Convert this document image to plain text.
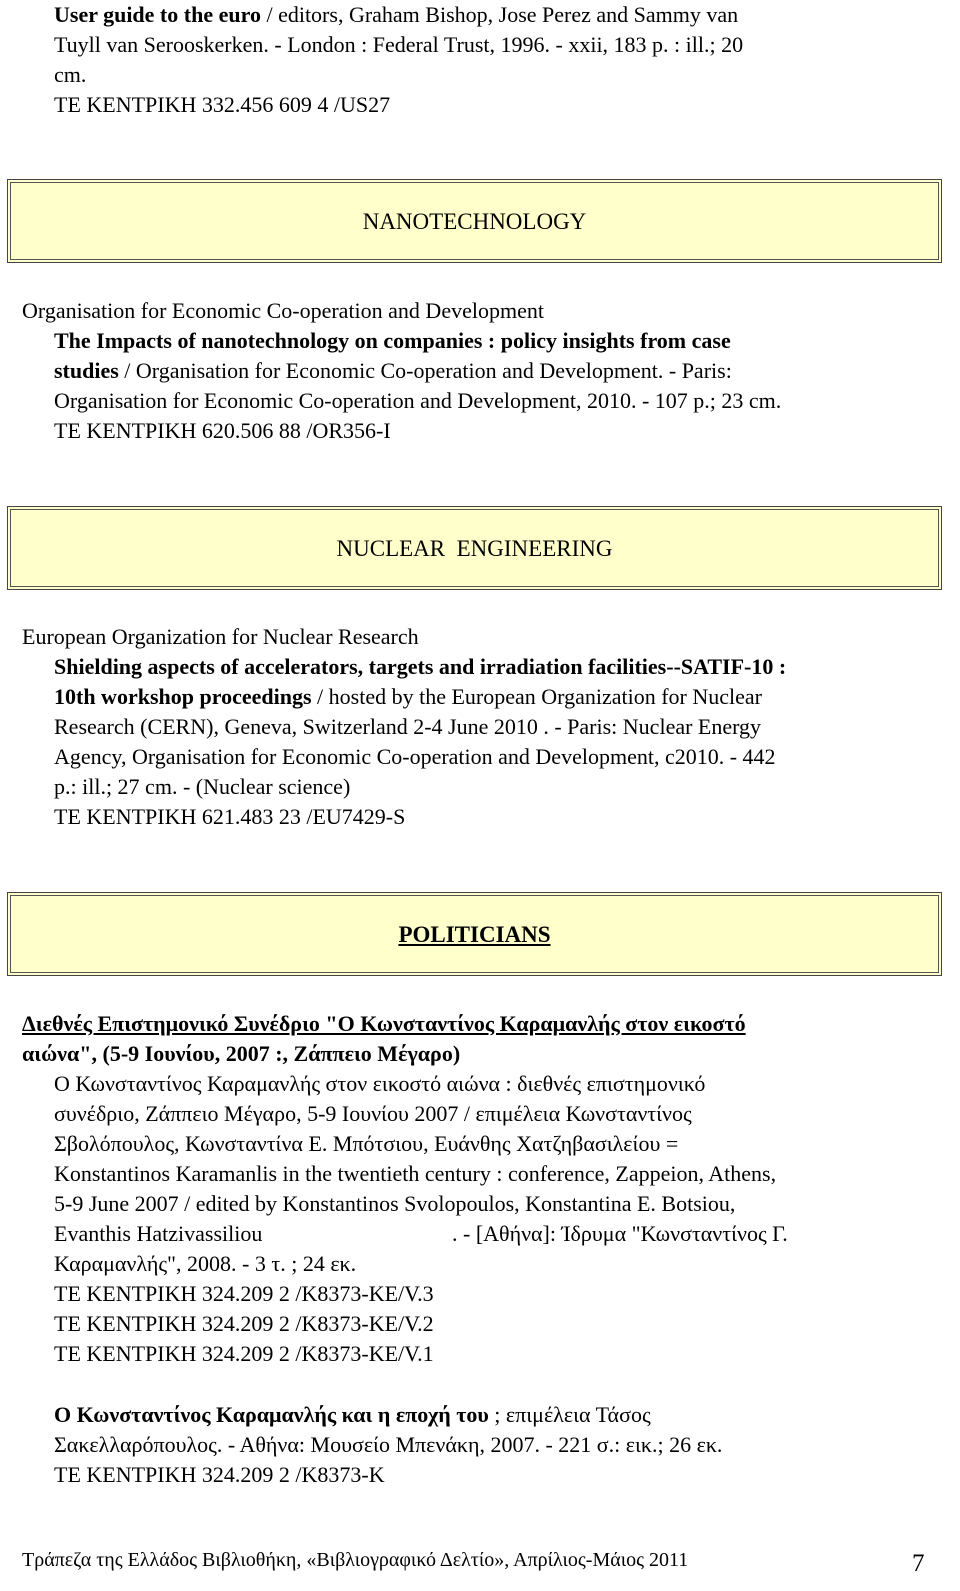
User guide to the euro / editors, Graham Bishop, Jose Perez and Sammy van
Tuyll van Serooskerken. - London : Federal Trust, 1996. - xxii, 183 p. : ill.; 20
cm.
ΤΕ ΚΕΝΤΡΙΚΗ 332.456 609 4 /US27
NANOTECHNOLOGY
Organisation for Economic Co-operation and Development
The Impacts of nanotechnology on companies : policy insights from case
studies / Organisation for Economic Co-operation and Development. - Paris:
Organisation for Economic Co-operation and Development, 2010. - 107 p.; 23 cm.
ΤΕ ΚΕΝΤΡΙΚΗ 620.506 88 /OR356-I
NUCLEAR  ENGINEERING
European Organization for Nuclear Research
Shielding aspects of accelerators, targets and irradiation facilities--SATIF-10 :
10th workshop proceedings / hosted by the European Organization for Nuclear
Research (CERN), Geneva, Switzerland 2-4 June 2010 . - Paris: Nuclear Energy
Agency, Organisation for Economic Co-operation and Development, c2010. - 442
p.: ill.; 27 cm. - (Nuclear science)
ΤΕ ΚΕΝΤΡΙΚΗ 621.483 23 /EU7429-S
POLITICIANS
Διεθνές Επιστημονικό Συνέδριο "Ο Κωνσταντίνος Καραμανλής στον εικοστό
αιώνα", (5-9 Ιουνίου, 2007 :, Ζάππειο Μέγαρο)
Ο Κωνσταντίνος Καραμανλής στον εικοστό αιώνα : διεθνές επιστημονικό
συνέδριο, Ζάππειο Μέγαρο, 5-9 Ιουνίου 2007 / επιμέλεια Κωνσταντίνος
Σβολόπουλος, Κωνσταντίνα Ε. Μπότσιου, Ευάνθης Χατζηβασιλείου =
Konstantinos Karamanlis in the twentieth century : conference, Zappeion, Athens,
5-9 June 2007 / edited by Konstantinos Svolopoulos, Konstantina E. Botsiou,
Evanthis Hatzivassiliou	. - [Αθήνα]: Ίδρυμα "Κωνσταντίνος Γ.
Καραμανλής", 2008. - 3 τ. ; 24 εκ.
ΤΕ ΚΕΝΤΡΙΚΗ 324.209 2 /K8373-KE/V.3
ΤΕ ΚΕΝΤΡΙΚΗ 324.209 2 /K8373-KE/V.2
ΤΕ ΚΕΝΤΡΙΚΗ 324.209 2 /K8373-KE/V.1
Ο Κωνσταντίνος Καραμανλής και η εποχή του ; επιμέλεια Τάσος
Σακελλαρόπουλος. - Αθήνα: Μουσείο Μπενάκη, 2007. - 221 σ.: εικ.; 26 εκ.
ΤΕ ΚΕΝΤΡΙΚΗ 324.209 2 /K8373-K
Τράπεζα της Ελλάδος Βιβλιοθήκη, «Βιβλιογραφικό Δελτίο», Απρίλιος-Μάιος 2011	7
